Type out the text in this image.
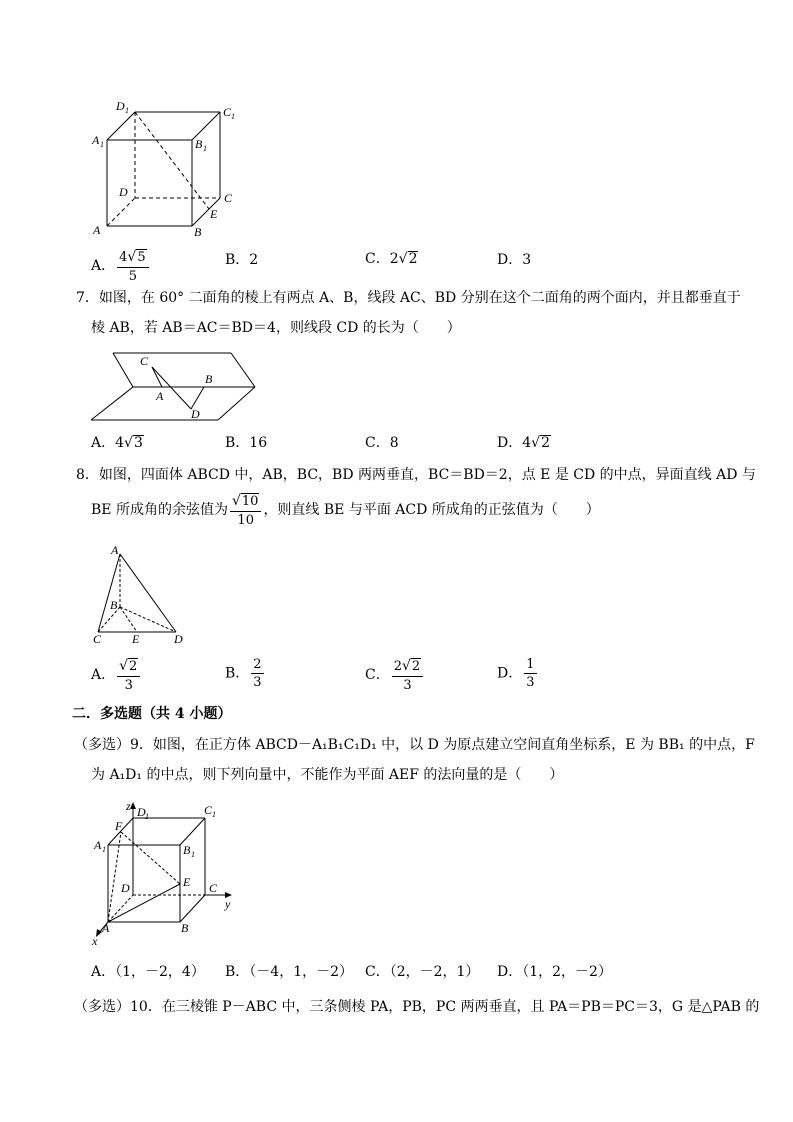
D 1	C 1
A 1	B 1
D	C
A	B
E
A． $\frac{4 √ 5}{5}$	B．2	C．2 √ 2	D．3
7．如图，在 60° 二面角的棱上有两点 A、B，线段 AC、BD 分别在这个二面角的两个面内，并且都垂直于
棱 AB，若 AB＝AC＝BD＝4，则线段 CD 的长为（　　）
C
A
B
D
A．4 √ 3	B．16	C．8	D．4 √ 2
8．如图，四面体 ABCD 中，AB，BC，BD 两两垂直，BC＝BD＝2，点 E 是 CD 的中点，异面直线 AD 与
BE 所成角的余弦值为 $\frac{√ 10}{10}$ ，则直线 BE 与平面 ACD 所成角的正弦值为（　　）
A
B
C	E	D
A． $\frac{√ 2}{3}$	B． $\frac{2}{3}$	C． $\frac{2 √ 2}{3}$	D． $\frac{1}{3}$
二．多选题（共 4 小题）
（多选）9．如图，在正方体 ABCD－A₁B₁C₁D₁ 中，以 D 为原点建立空间直角坐标系，E 为 BB₁ 的中点，F
为 A₁D₁ 的中点，则下列向量中，不能作为平面 AEF 的法向量的是（　　）
z D 1	C 1
F
A 1	B 1
E
D	C
y
A	B
x
A．（1，－2，4） B．（－4，1，－2） C．（2，－2，1） D．（1，2，－2）
（多选）10．在三棱锥 P－ABC 中，三条侧棱 PA，PB，PC 两两垂直，且 PA＝PB＝PC＝3，G 是△PAB 的
